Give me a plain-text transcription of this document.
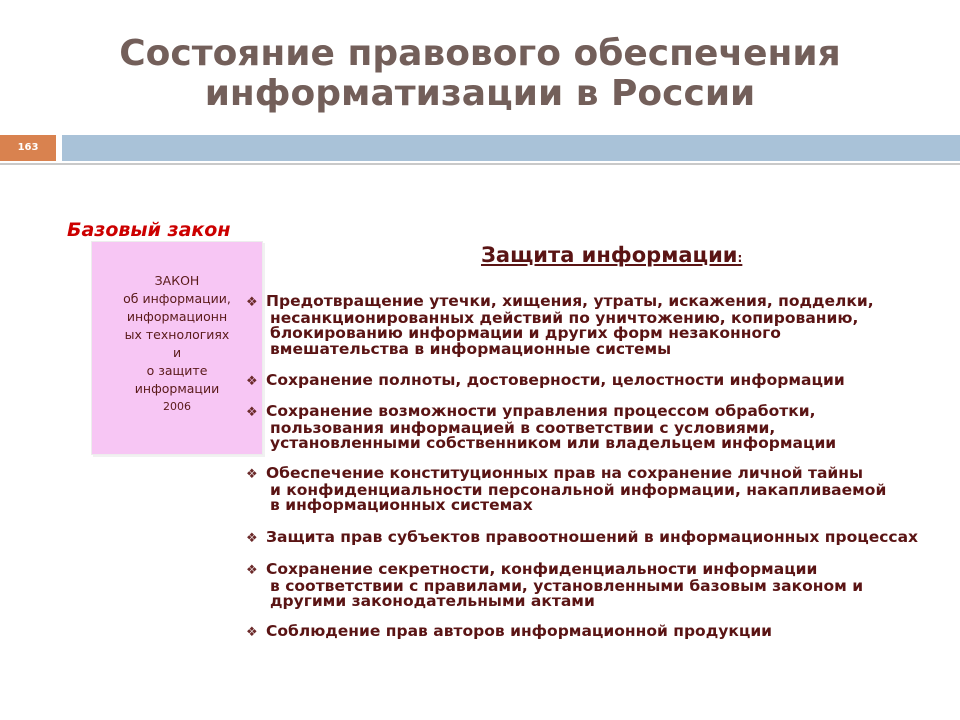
Состояние правового обеспечения
информатизации в России
163
Базовый закон
ЗАКОН
об информации,
информационн
ых технологиях
и
о защите
информации
2006
Защита информации:
❖ Предотвращение утечки, хищения, утраты, искажения, подделки,
несанкционированных действий по уничтожению, копированию,
блокированию информации и других форм незаконного
вмешательства в информационные системы
❖ Сохранение полноты, достоверности, целостности информации
❖ Сохранение возможности управления процессом обработки,
пользования информацией в соответствии с условиями,
установленными собственником или владельцем информации
❖ Обеспечение конституционных прав на сохранение личной тайны
и конфиденциальности персональной информации, накапливаемой
в информационных системах
❖ Защита прав субъектов правоотношений в информационных процессах
❖ Сохранение секретности, конфиденциальности информации
в соответствии с правилами, установленными базовым законом и
другими законодательными актами
❖ Соблюдение прав авторов информационной продукции
